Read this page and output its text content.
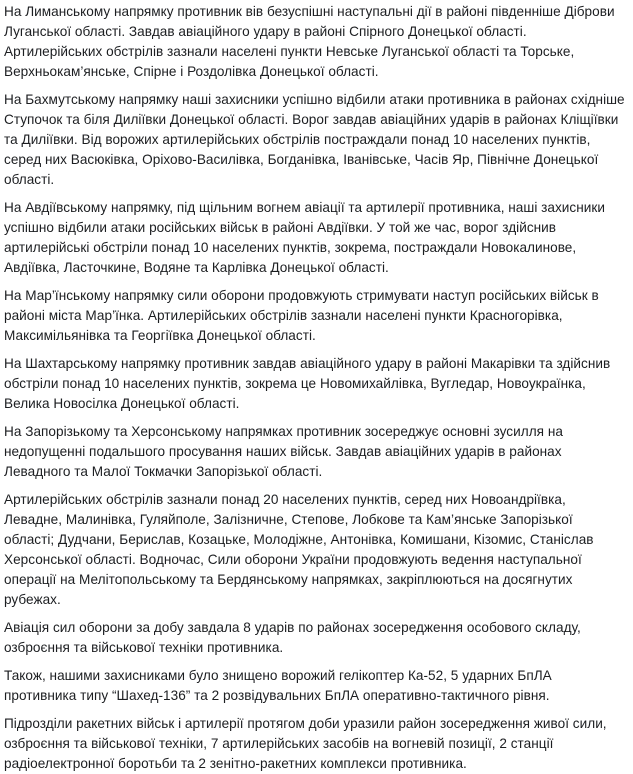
На Лиманському напрямку противник вів безуспішні наступальні дії в районі південніше Діброви Луганської області. Завдав авіаційного удару в районі Спірного Донецької області. Артилерійських обстрілів зазнали населені пункти Невське Луганської області та Торське, Верхньокам’янське, Спірне і Роздолівка Донецької області.

На Бахмутському напрямку наші захисники успішно відбили атаки противника в районах східніше Ступочок та біля Диліївки Донецької області. Ворог завдав авіаційних ударів в районах Кліщіївки та Диліївки. Від ворожих артилерійських обстрілів постраждали понад 10 населених пунктів, серед них Васюківка, Оріхово-Василівка, Богданівка, Іванівське, Часів Яр, Північне Донецької області.

На Авдіївському напрямку, під щільним вогнем авіації та артилерії противника, наші захисники успішно відбили атаки російських військ в районі Авдіївки. У той же час, ворог здійснив артилерійські обстріли понад 10 населених пунктів, зокрема, постраждали Новокалинове, Авдіївка, Ласточкине, Водяне та Карлівка Донецької області.

На Мар’їнському напрямку сили оборони продовжують стримувати наступ російських військ в районі міста Мар’їнка. Артилерійських обстрілів зазнали населені пункти Красногорівка, Максимільянівка та Георгіївка Донецької області.

На Шахтарському напрямку противник завдав авіаційного удару в районі Макарівки та здійснив обстріли понад 10 населених пунктів, зокрема це Новомихайлівка, Вугледар, Новоукраїнка, Велика Новосілка Донецької області.

На Запорізькому та Херсонському напрямках противник зосереджує основні зусилля на недопущенні подальшого просування наших військ. Завдав авіаційних ударів в районах Левадного та Малої Токмачки Запорізької області.

Артилерійських обстрілів зазнали понад 20 населених пунктів, серед них Новоандріївка, Левадне, Малинівка, Гуляйполе, Залізничне, Степове, Лобкове та Кам’янське Запорізької області; Дудчани, Берислав, Козацьке, Молодіжне, Антонівка, Комишани, Кізомис, Станіслав Херсонської області. Водночас, Сили оборони України продовжують ведення наступальної операції на Мелітопольському та Бердянському напрямках, закріплюються на досягнутих рубежах.

Авіація сил оборони за добу завдала 8 ударів по районах зосередження особового складу, озброєння та військової техніки противника.

Також, нашими захисниками було знищено ворожий гелікоптер Ка-52, 5 ударних БпЛА противника типу “Шахед-136” та 2 розвідувальних БпЛА оперативно-тактичного рівня.

Підрозділи ракетних військ і артилерії протягом доби уразили район зосередження живої сили, озброєння та військової техніки, 7 артилерійських засобів на вогневій позиції, 2 станції радіоелектронної боротьби та 2 зенітно-ракетних комплекси противника.
